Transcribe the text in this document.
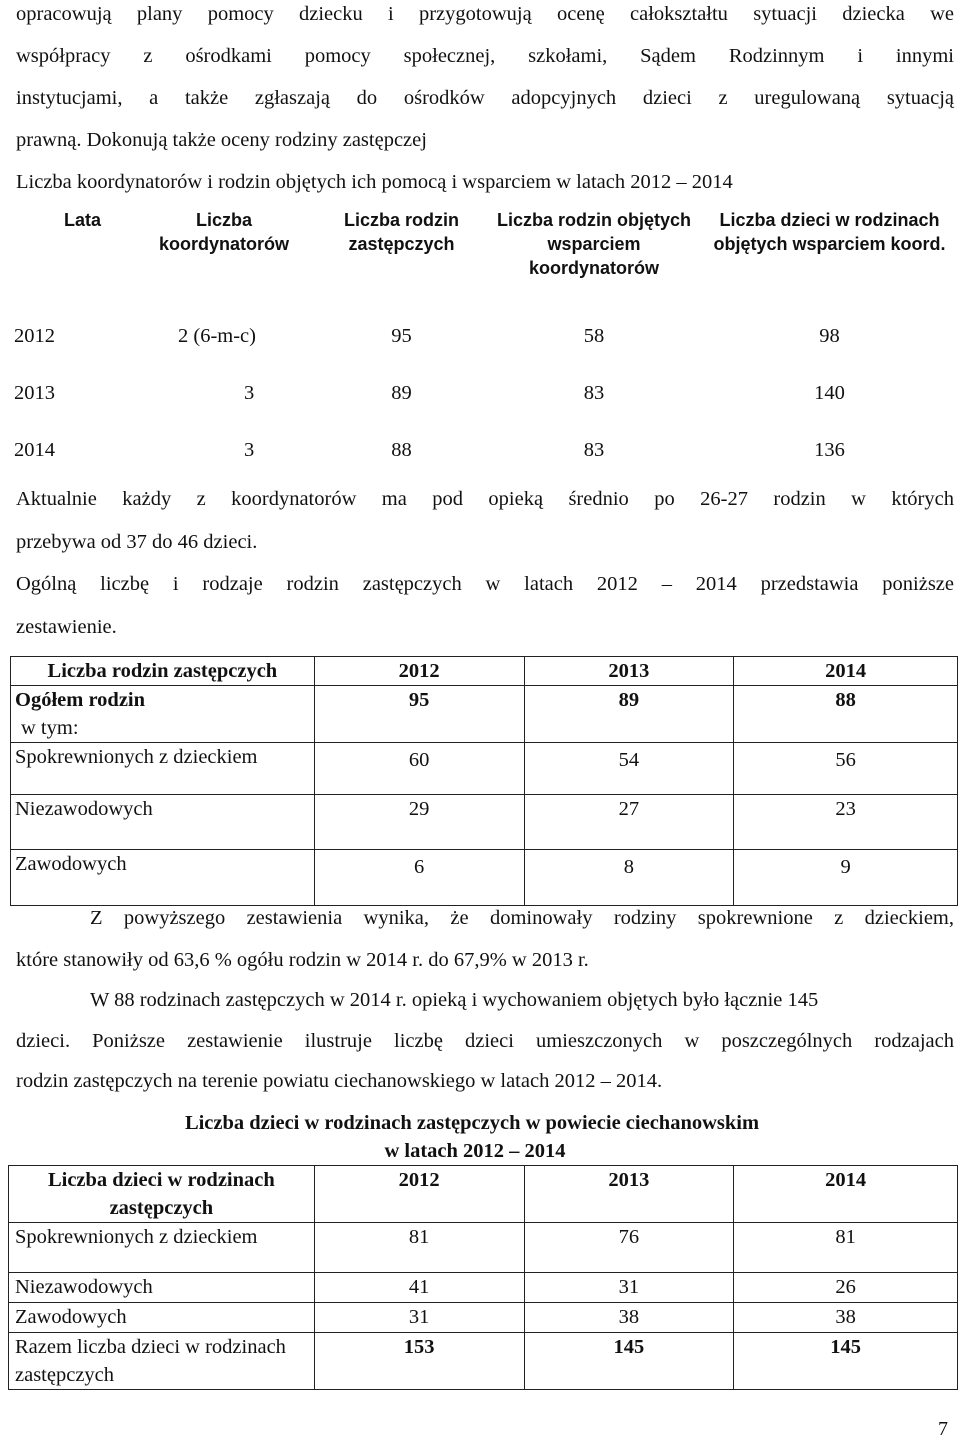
opracowują plany pomocy dziecku i przygotowują ocenę całokształtu sytuacji dziecka we
współpracy z ośrodkami pomocy społecznej, szkołami, Sądem Rodzinnym i innymi
instytucjami, a także zgłaszają do ośrodków adopcyjnych dzieci z uregulowaną sytuacją
prawną. Dokonują także oceny rodziny zastępczej
Liczba koordynatorów i rodzin objętych ich pomocą i wsparciem w latach 2012 – 2014
Lata	Liczba koordynatorów	Liczba rodzin zastępczych	Liczba rodzin objętych wsparciem koordynatorów	Liczba dzieci w rodzinach objętych wsparciem koord.
2012	2 (6-m-c)	95	58	98
2013	3	89	83	140
2014	3	88	83	136
Aktualnie każdy z koordynatorów ma pod opieką średnio po 26-27 rodzin w których
przebywa od 37 do 46 dzieci.
Ogólną liczbę i rodzaje rodzin zastępczych w latach 2012 – 2014 przedstawia poniższe
zestawienie.
Liczba rodzin zastępczych	2012	2013	2014

Ogółem rodzin
w tym:	95	89	88
Spokrewnionych z dzieckiem	60	54	56
Niezawodowych	29	27	23
Zawodowych	6	8	9
Z powyższego zestawienia wynika, że dominowały rodziny spokrewnione z dzieckiem,
które stanowiły od 63,6 % ogółu rodzin w 2014 r. do 67,9% w 2013 r.
W 88 rodzinach zastępczych w 2014 r. opieką i wychowaniem objętych było łącznie 145
dzieci. Poniższe zestawienie ilustruje liczbę dzieci umieszczonych w poszczególnych rodzajach
rodzin zastępczych na terenie powiatu ciechanowskiego w latach 2012 – 2014.
Liczba dzieci w rodzinach zastępczych w powiecie ciechanowskim
w latach 2012 – 2014
Liczba dzieci w rodzinach zastępczych	2012	2013	2014
Spokrewnionych z dzieckiem	81	76	81
Niezawodowych	41	31	26
Zawodowych	31	38	38
Razem liczba dzieci w rodzinach zastępczych	153	145	145
7
